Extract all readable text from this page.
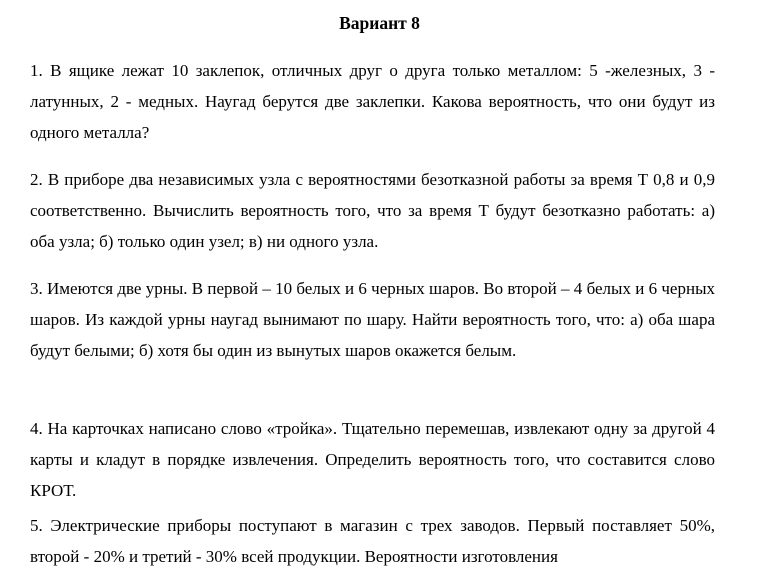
Вариант 8

1. В ящике лежат 10 заклепок, отличных друг о друга только металлом: 5 -железных, 3 - латунных, 2 - медных. Наугад берутся две заклепки. Какова вероятность, что они будут из одного металла?

2. В приборе два независимых узла с вероятностями безотказной работы за время Т 0,8 и 0,9 соответственно. Вычислить вероятность того, что за время Т будут безотказно работать: а) оба узла; б) только один узел; в) ни одного узла.

3. Имеются две урны. В первой – 10 белых и 6 черных шаров. Во второй – 4 белых и 6 черных шаров. Из каждой урны наугад вынимают по шару. Найти вероятность того, что: а) оба шара будут белыми; б) хотя бы один из вынутых шаров окажется белым.

4. На карточках написано слово «тройка». Тщательно перемешав, извлекают одну за другой 4 карты и кладут в порядке извлечения. Определить вероятность того, что составится слово КРОТ.

5. Электрические приборы поступают в магазин с трех заводов. Первый поставляет 50%, второй - 20% и третий - 30% всей продукции. Вероятности изготовления
